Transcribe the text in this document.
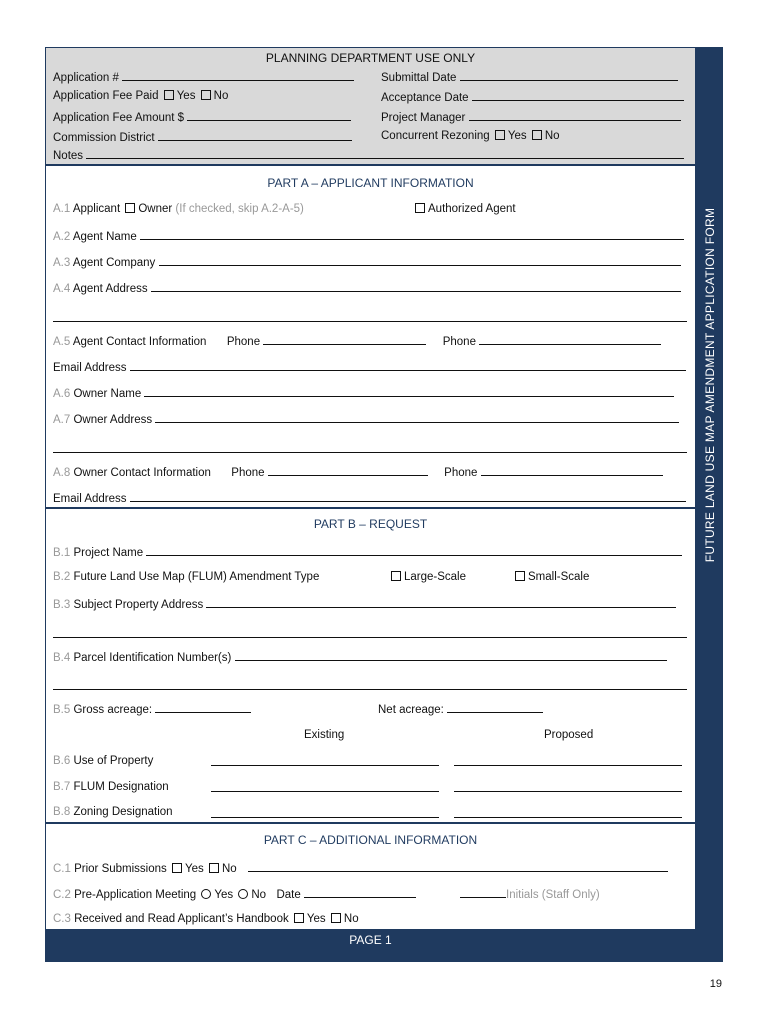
PLANNING DEPARTMENT USE ONLY
Application #
Application Fee Paid Yes No
Application Fee Amount $
Commission District
Notes
Submittal Date
Acceptance Date
Project Manager
Concurrent Rezoning Yes No
PART A – APPLICANT INFORMATION
A.1 Applicant Owner (If checked, skip A.2-A-5)	Authorized Agent
A.2 Agent Name
A.3 Agent Company
A.4 Agent Address
A.5 Agent Contact Information Phone	Phone
Email Address
A.6 Owner Name
A.7 Owner Address
A.8 Owner Contact Information Phone	Phone
Email Address
PART B – REQUEST
B.1 Project Name
B.2 Future Land Use Map (FLUM) Amendment Type	Large-Scale	Small-Scale
B.3 Subject Property Address
B.4 Parcel Identification Number(s)
B.5 Gross acreage:	Net acreage:
Existing	Proposed
B.6 Use of Property
B.7 FLUM Designation
B.8 Zoning Designation
PART C – ADDITIONAL INFORMATION
C.1 Prior Submissions Yes No
C.2 Pre-Application Meeting Yes No Date	Initials (Staff Only)
C.3 Received and Read Applicant’s Handbook Yes No
PAGE 1
FUTURE LAND USE MAP AMENDMENT APPLICATION FORM
19
